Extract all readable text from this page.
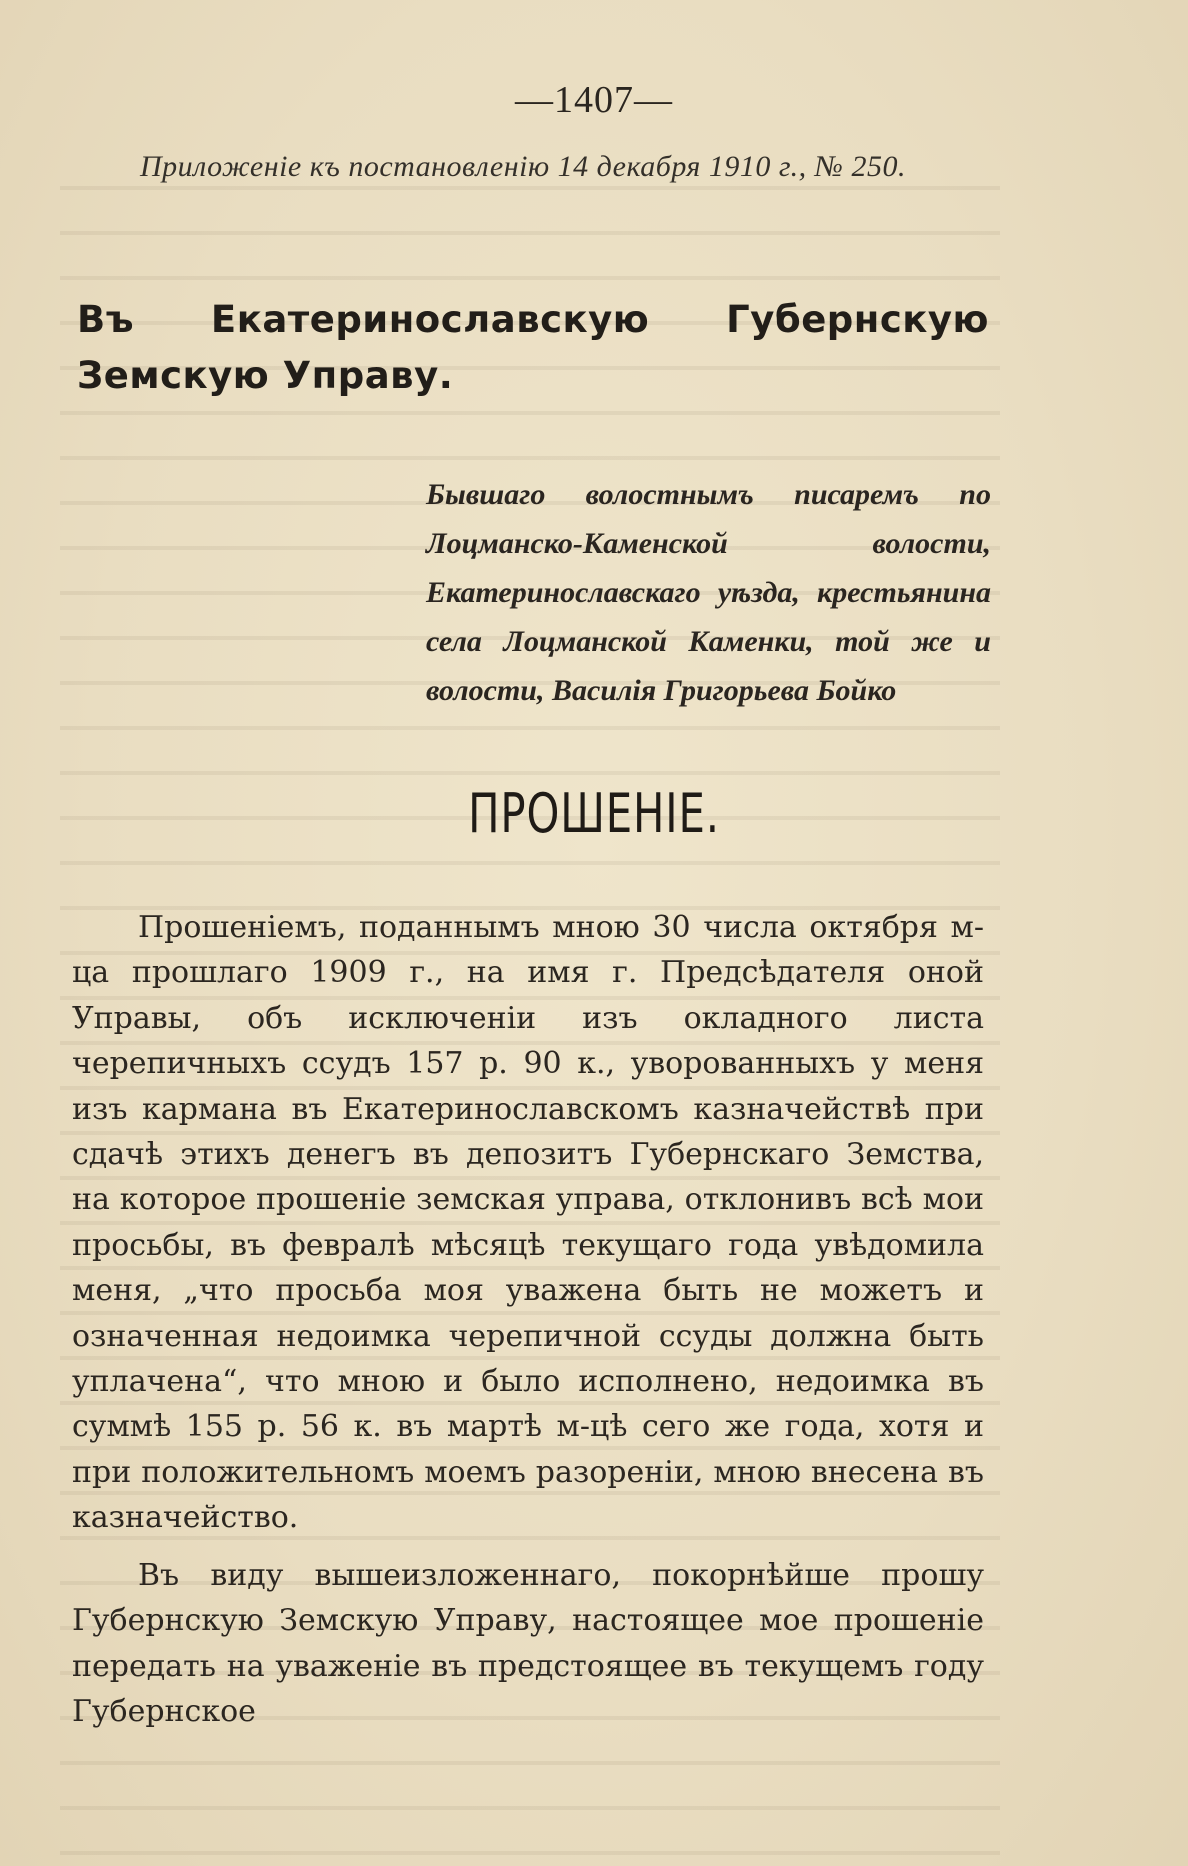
—1407—
Приложеніе къ постановленію 14 декабря 1910 г., № 250.
Въ Екатеринославскую Губернскую Земскую Управу.
Бывшаго волостнымъ писаремъ по Лоцманско-Каменской волости, Екатеринославскаго уѣзда, крестьянина села Лоцманской Каменки, той же и волости, Василія Григорьева Бойко
ПРОШЕНІЕ.

Прошеніемъ, поданнымъ мною 30 числа октября м-ца прошлаго 1909 г., на имя г. Предсѣдателя оной Управы, объ исключеніи изъ окладного листа черепичныхъ ссудъ 157 р. 90 к., уворованныхъ у меня изъ кармана въ Екатеринославскомъ казначействѣ при сдачѣ этихъ денегъ въ депозитъ Губернскаго Земства, на которое прошеніе земская управа, отклонивъ всѣ мои просьбы, въ февралѣ мѣсяцѣ текущаго года увѣдомила меня, „что просьба моя уважена быть не можетъ и означенная недоимка черепичной ссуды должна быть уплачена“, что мною и было исполнено, недоимка въ суммѣ 155 р. 56 к. въ мартѣ м-цѣ сего же года, хотя и при положительномъ моемъ разореніи, мною внесена въ казначейство.

Въ виду вышеизложеннаго, покорнѣйше прошу Губернскую Земскую Управу, настоящее мое прошеніе передать на уваженіе въ предстоящее въ текущемъ году Губернское
